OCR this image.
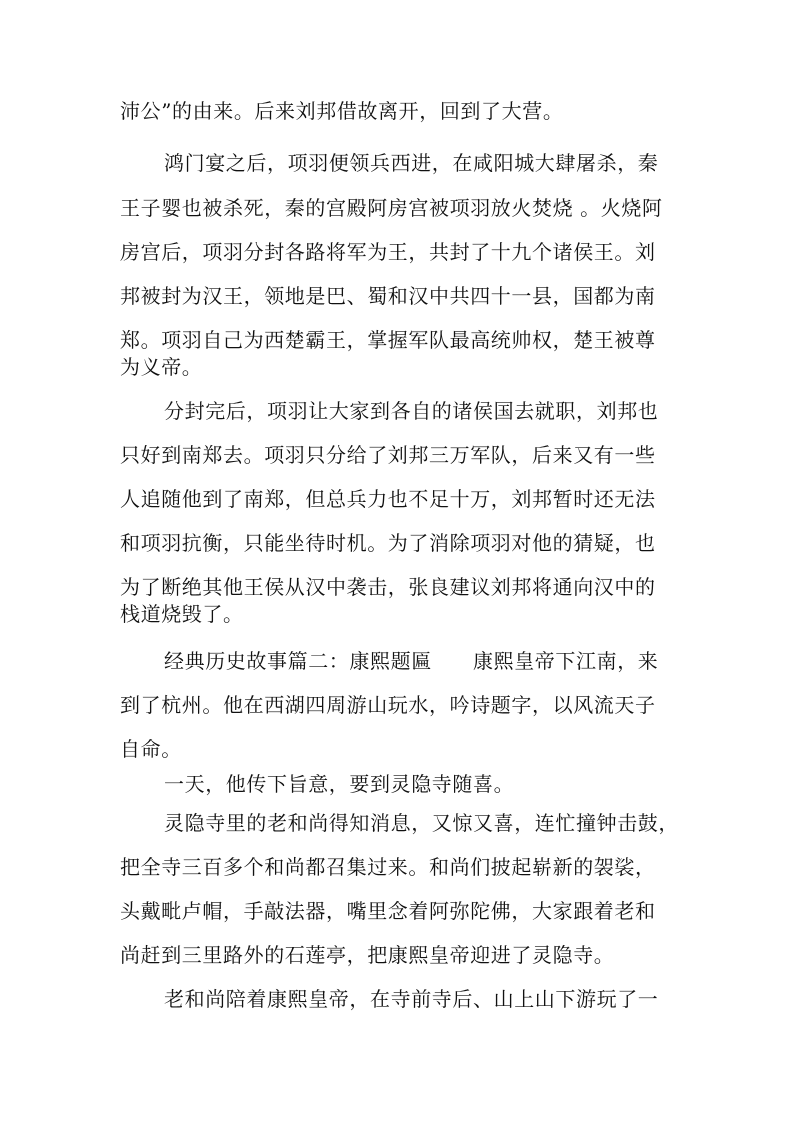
沛公”的由来。后来刘邦借故离开，回到了大营。
鸿门宴之后，项羽便领兵西进，在咸阳城大肆屠杀，秦
王子婴也被杀死，秦的宫殿阿房宫被项羽放火焚烧 。火烧阿
房宫后，项羽分封各路将军为王，共封了十九个诸侯王。刘
邦被封为汉王，领地是巴、蜀和汉中共四十一县，国都为南
郑。项羽自己为西楚霸王，掌握军队最高统帅权，楚王被尊
为义帝。
分封完后，项羽让大家到各自的诸侯国去就职，刘邦也
只好到南郑去。项羽只分给了刘邦三万军队，后来又有一些
人追随他到了南郑，但总兵力也不足十万，刘邦暂时还无法
和项羽抗衡，只能坐待时机。为了消除项羽对他的猜疑，也
为了断绝其他王侯从汉中袭击，张良建议刘邦将通向汉中的
栈道烧毁了。
经典历史故事篇二：康熙题匾　　康熙皇帝下江南，来
到了杭州。他在西湖四周游山玩水，吟诗题字，以风流天子
自命。
一天，他传下旨意，要到灵隐寺随喜。
灵隐寺里的老和尚得知消息，又惊又喜，连忙撞钟击鼓，
把全寺三百多个和尚都召集过来。和尚们披起崭新的袈裟，
头戴毗卢帽，手敲法器，嘴里念着阿弥陀佛，大家跟着老和
尚赶到三里路外的石莲亭，把康熙皇帝迎进了灵隐寺。
老和尚陪着康熙皇帝，在寺前寺后、山上山下游玩了一
